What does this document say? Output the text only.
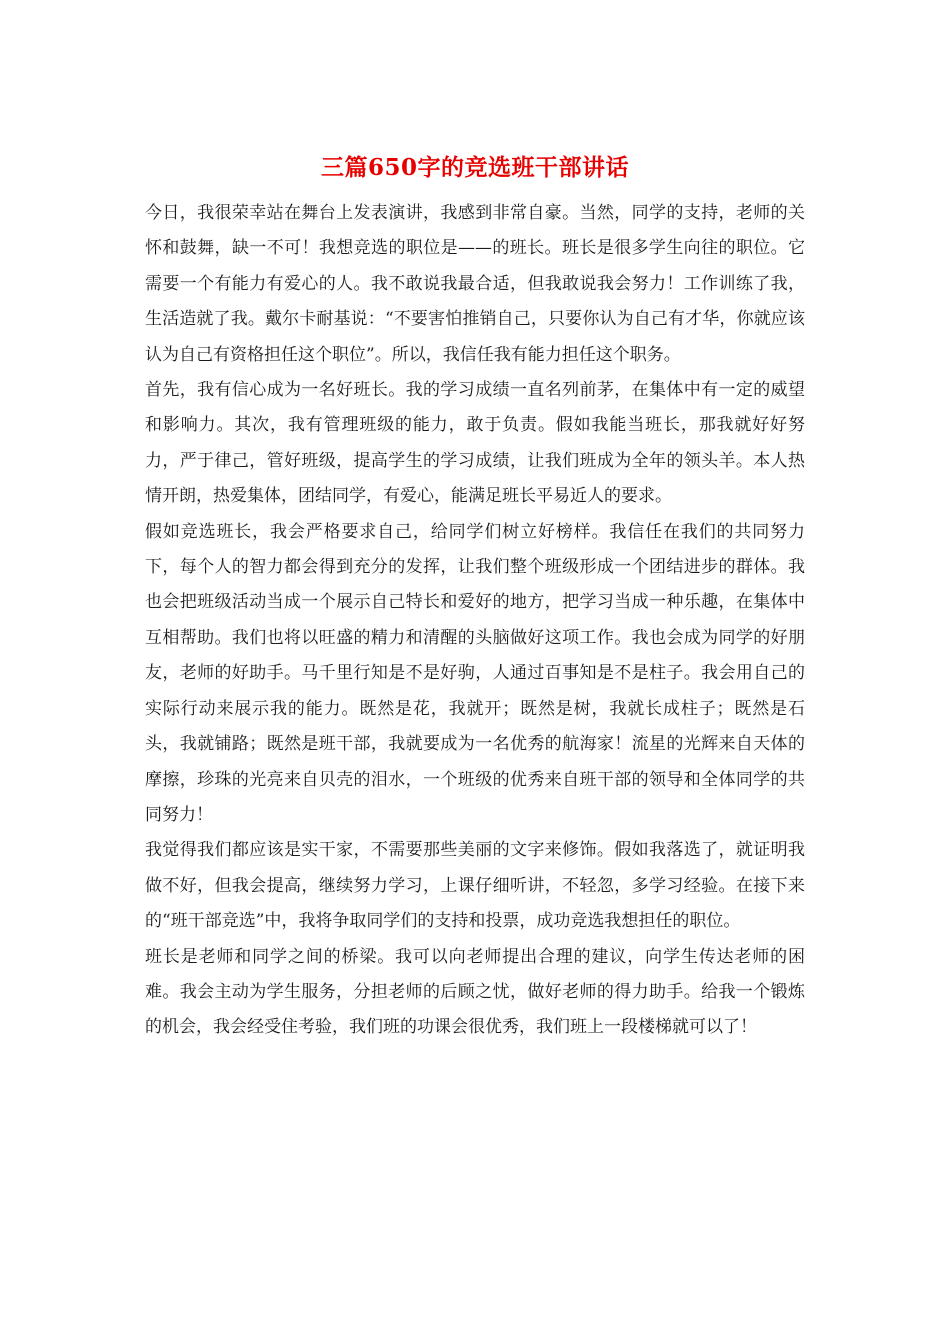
三篇650字的竞选班干部讲话

今日，我很荣幸站在舞台上发表演讲，我感到非常自豪。当然，同学的支持，老师的关怀和鼓舞，缺一不可！我想竞选的职位是——的班长。班长是很多学生向往的职位。它需要一个有能力有爱心的人。我不敢说我最合适，但我敢说我会努力！工作训练了我，生活造就了我。戴尔卡耐基说：“不要害怕推销自己，只要你认为自己有才华，你就应该认为自己有资格担任这个职位”。所以，我信任我有能力担任这个职务。

首先，我有信心成为一名好班长。我的学习成绩一直名列前茅，在集体中有一定的威望和影响力。其次，我有管理班级的能力，敢于负责。假如我能当班长，那我就好好努力，严于律己，管好班级，提高学生的学习成绩，让我们班成为全年的领头羊。本人热情开朗，热爱集体，团结同学，有爱心，能满足班长平易近人的要求。

假如竞选班长，我会严格要求自己，给同学们树立好榜样。我信任在我们的共同努力下，每个人的智力都会得到充分的发挥，让我们整个班级形成一个团结进步的群体。我也会把班级活动当成一个展示自己特长和爱好的地方，把学习当成一种乐趣，在集体中互相帮助。我们也将以旺盛的精力和清醒的头脑做好这项工作。我也会成为同学的好朋友，老师的好助手。马千里行知是不是好驹，人通过百事知是不是柱子。我会用自己的实际行动来展示我的能力。既然是花，我就开；既然是树，我就长成柱子；既然是石头，我就铺路；既然是班干部，我就要成为一名优秀的航海家！流星的光辉来自天体的摩擦，珍珠的光亮来自贝壳的泪水，一个班级的优秀来自班干部的领导和全体同学的共同努力！

我觉得我们都应该是实干家，不需要那些美丽的文字来修饰。假如我落选了，就证明我做不好，但我会提高，继续努力学习，上课仔细听讲，不轻忽，多学习经验。在接下来的“班干部竞选”中，我将争取同学们的支持和投票，成功竞选我想担任的职位。

班长是老师和同学之间的桥梁。我可以向老师提出合理的建议，向学生传达老师的困难。我会主动为学生服务，分担老师的后顾之忧，做好老师的得力助手。给我一个锻炼的机会，我会经受住考验，我们班的功课会很优秀，我们班上一段楼梯就可以了！
